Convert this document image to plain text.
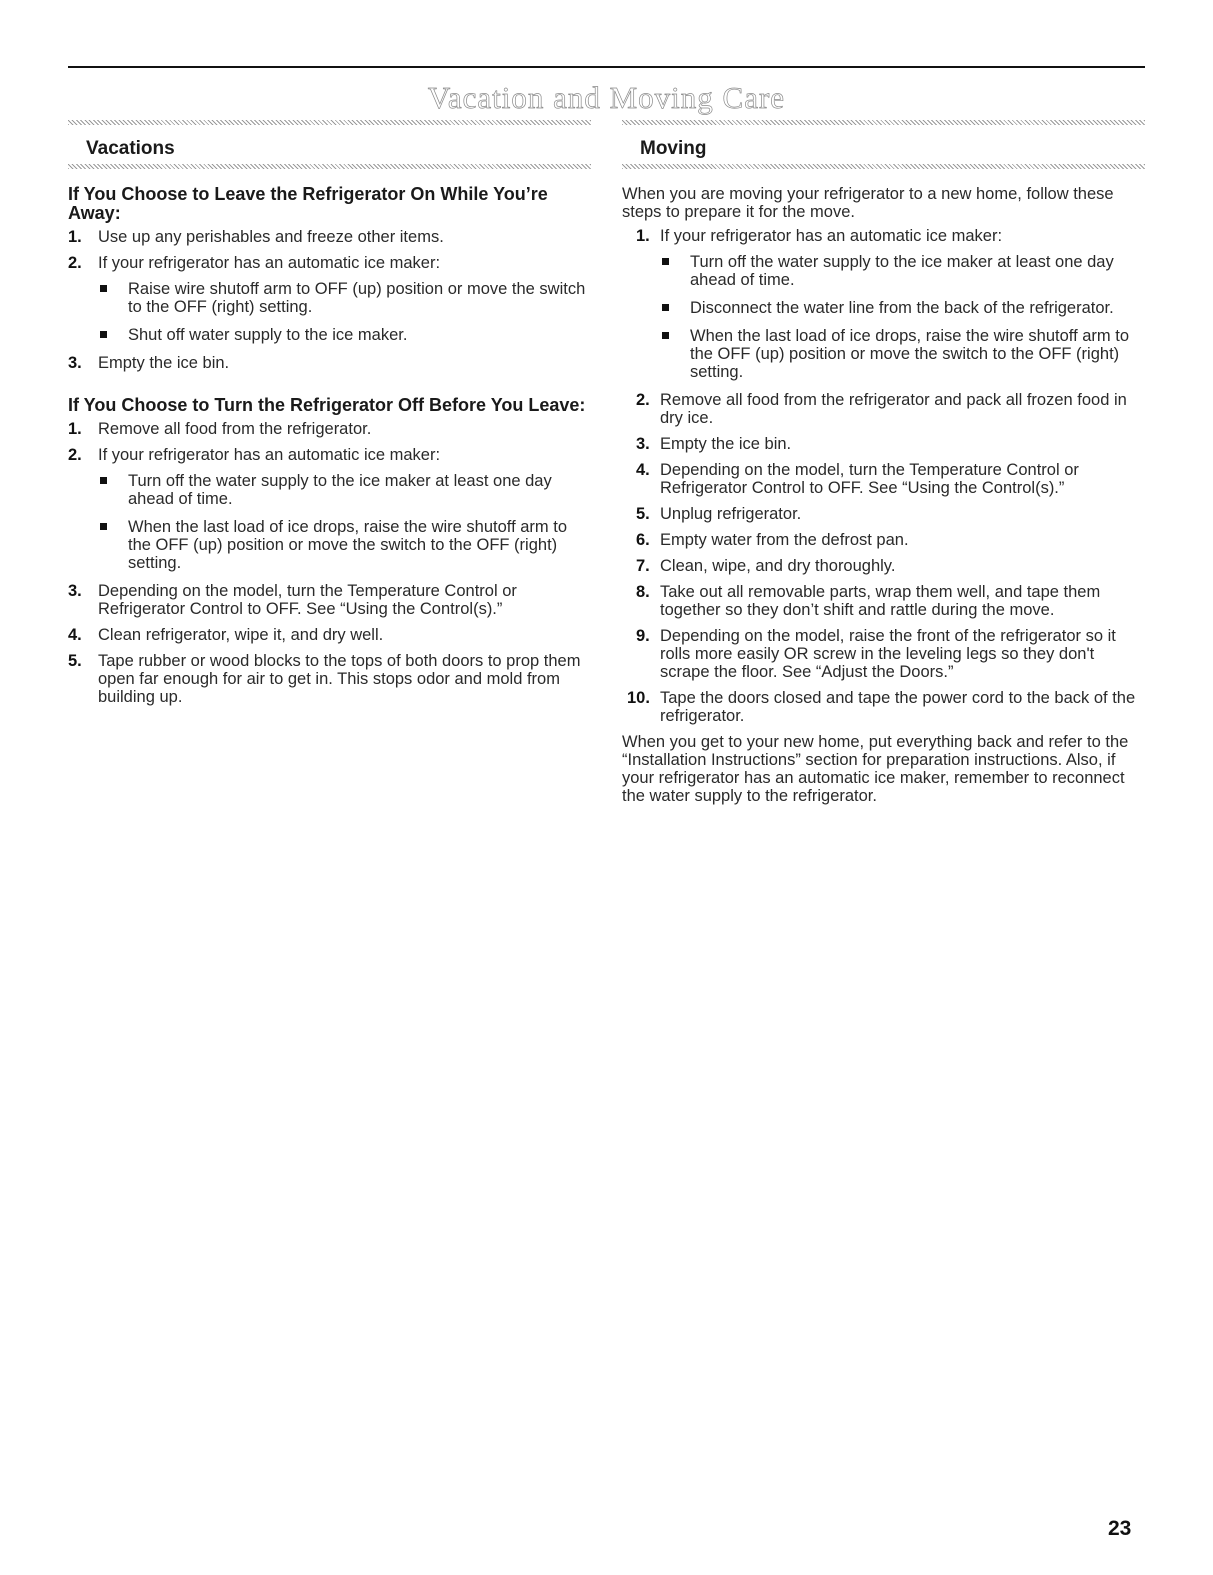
Vacation and Moving Care
Vacations
If You Choose to Leave the Refrigerator On While You’re Away:
1. Use up any perishables and freeze other items.
2. If your refrigerator has an automatic ice maker:
Raise wire shutoff arm to OFF (up) position or move the switch to the OFF (right) setting.
Shut off water supply to the ice maker.
3. Empty the ice bin.
If You Choose to Turn the Refrigerator Off Before You Leave:
1. Remove all food from the refrigerator.
2. If your refrigerator has an automatic ice maker:
Turn off the water supply to the ice maker at least one day ahead of time.
When the last load of ice drops, raise the wire shutoff arm to the OFF (up) position or move the switch to the OFF (right) setting.
3. Depending on the model, turn the Temperature Control or Refrigerator Control to OFF. See “Using the Control(s).”
4. Clean refrigerator, wipe it, and dry well.
5. Tape rubber or wood blocks to the tops of both doors to prop them open far enough for air to get in. This stops odor and mold from building up.
Moving

When you are moving your refrigerator to a new home, follow these steps to prepare it for the move.

1. If your refrigerator has an automatic ice maker:
Turn off the water supply to the ice maker at least one day ahead of time.
Disconnect the water line from the back of the refrigerator.
When the last load of ice drops, raise the wire shutoff arm to the OFF (up) position or move the switch to the OFF (right) setting.
2. Remove all food from the refrigerator and pack all frozen food in dry ice.
3. Empty the ice bin.
4. Depending on the model, turn the Temperature Control or Refrigerator Control to OFF. See “Using the Control(s).”
5. Unplug refrigerator.
6. Empty water from the defrost pan.
7. Clean, wipe, and dry thoroughly.
8. Take out all removable parts, wrap them well, and tape them together so they don’t shift and rattle during the move.
9. Depending on the model, raise the front of the refrigerator so it rolls more easily OR screw in the leveling legs so they don't scrape the floor. See “Adjust the Doors.”
10. Tape the doors closed and tape the power cord to the back of the refrigerator.

When you get to your new home, put everything back and refer to the “Installation Instructions” section for preparation instructions. Also, if your refrigerator has an automatic ice maker, remember to reconnect the water supply to the refrigerator.

23
